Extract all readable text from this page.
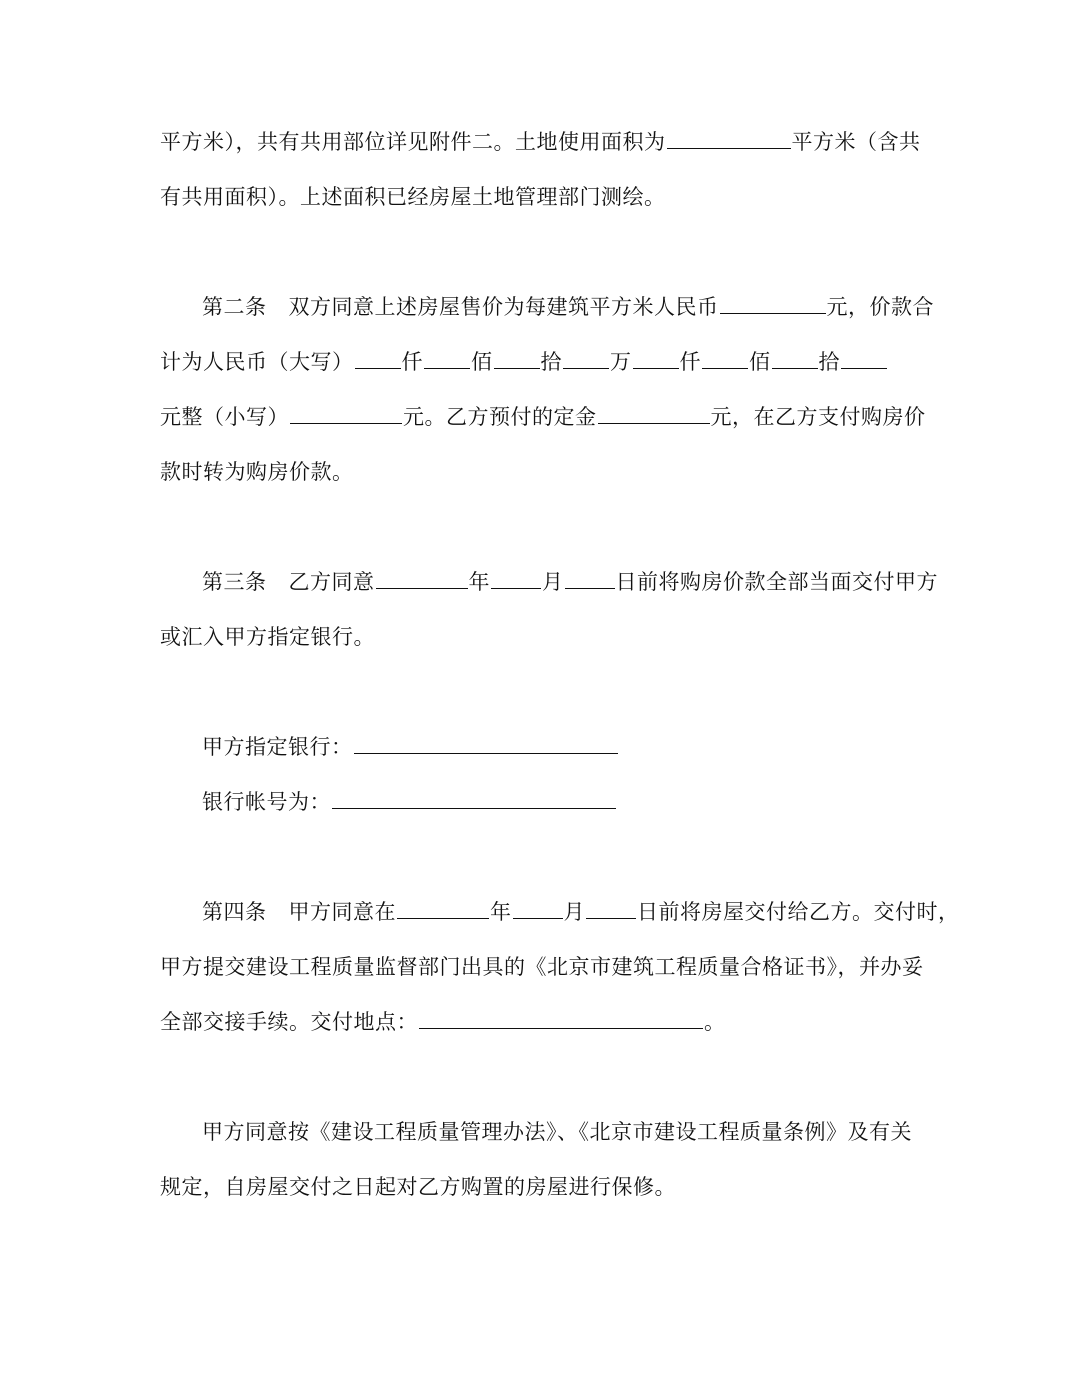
平方米），共有共用部位详见附件二。土地使用面积为	平方米（含共
有共用面积）。上述面积已经房屋土地管理部门测绘。
第二条 双方同意上述房屋售价为每建筑平方米人民币	元，价款合
计为人民币（大写） 仟 佰 拾 万 仟 佰 拾
元整（小写）	元。乙方预付的定金	元，在乙方支付购房价
款时转为购房价款。
第三条 乙方同意	年 月 日前将购房价款全部当面交付甲方
或汇入甲方指定银行。
甲方指定银行：
银行帐号为：
第四条 甲方同意在	年 月 日前将房屋交付给乙方。交付时，
甲方提交建设工程质量监督部门出具的《北京市建筑工程质量合格证书》，并办妥
全部交接手续。交付地点：	。
甲方同意按《建设工程质量管理办法》、《北京市建设工程质量条例》及有关
规定，自房屋交付之日起对乙方购置的房屋进行保修。
